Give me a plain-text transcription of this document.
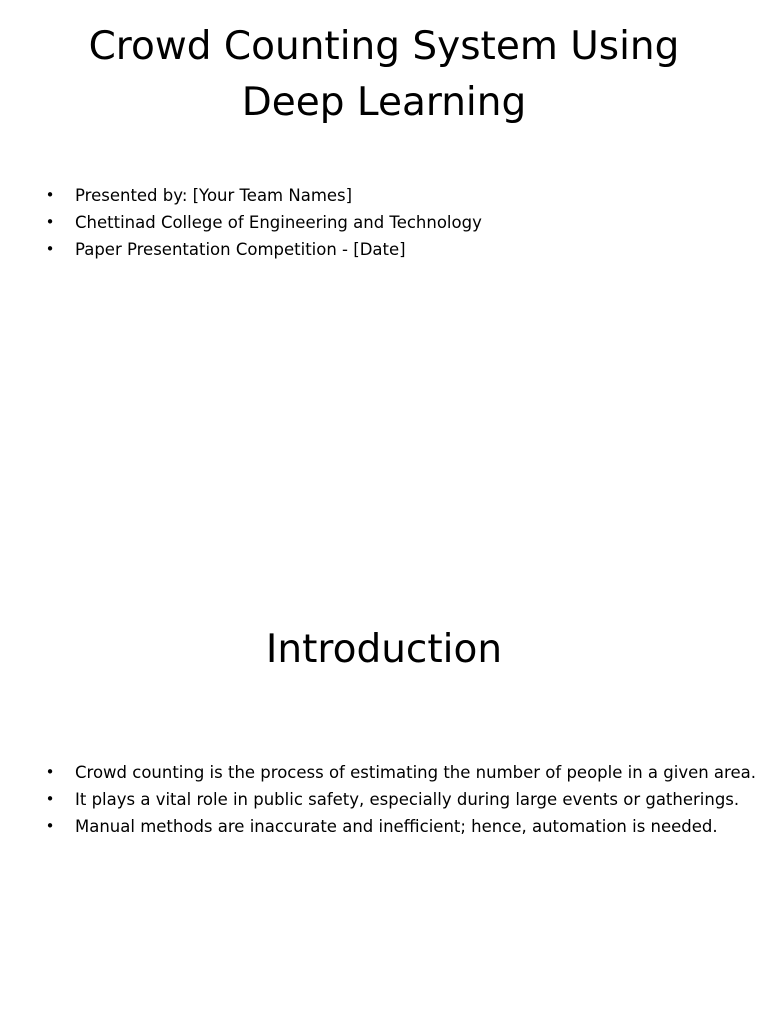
Crowd Counting System Using Deep Learning
• Presented by: [Your Team Names]
• Chettinad College of Engineering and Technology
• Paper Presentation Competition - [Date]
Introduction
• Crowd counting is the process of estimating the number of people in a given area.
• It plays a vital role in public safety, especially during large events or gatherings.
• Manual methods are inaccurate and inefficient; hence, automation is needed.
